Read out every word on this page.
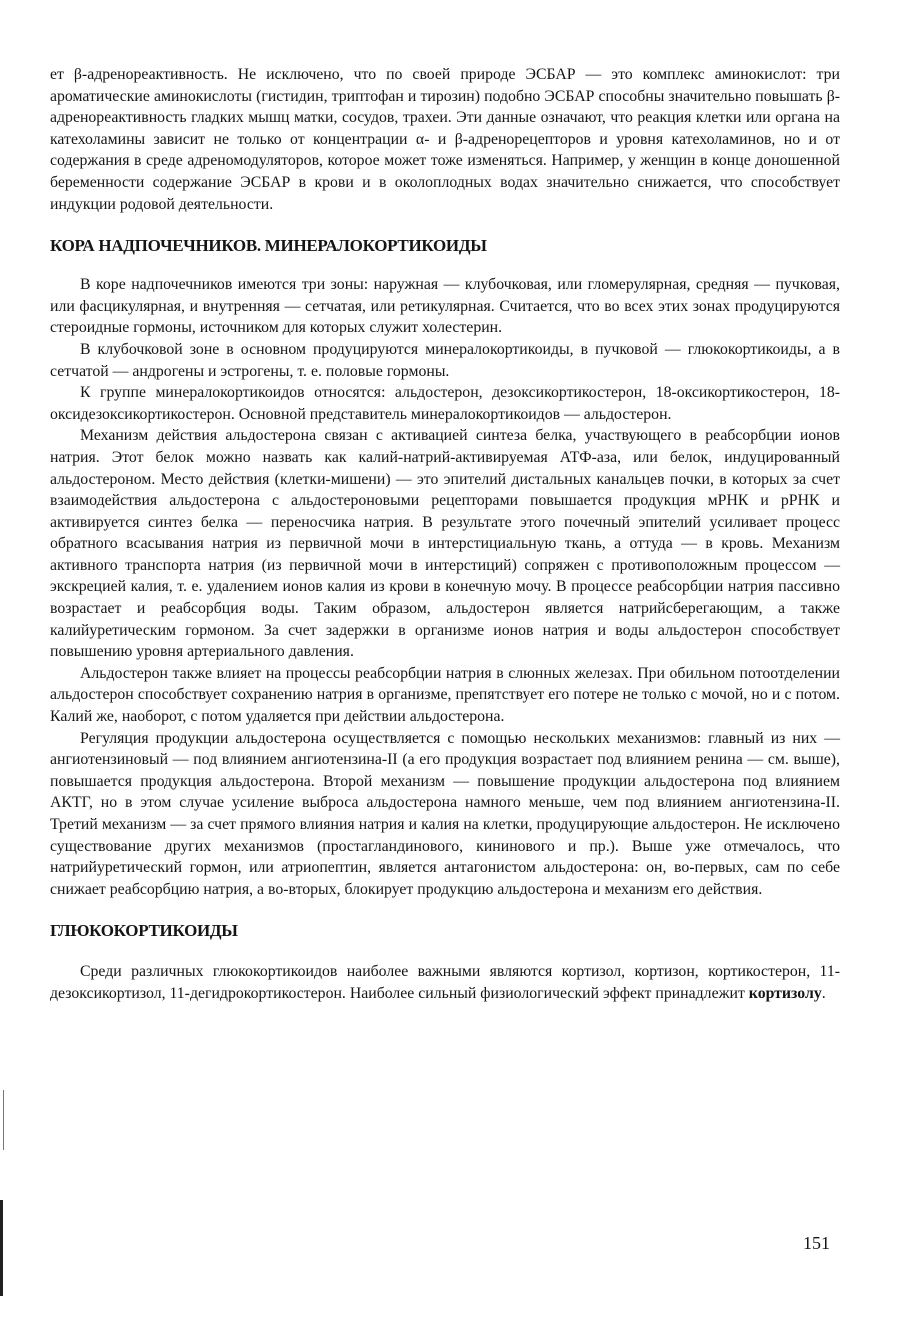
ет β-адренореактивность. Не исключено, что по своей природе ЭСБАР — это комплекс аминокислот: три ароматические аминокислоты (гистидин, триптофан и тирозин) подобно ЭСБАР способны значительно повышать β-адренореактивность гладких мышц матки, сосудов, трахеи. Эти данные означают, что реакция клетки или органа на катехоламины зависит не только от концентрации α- и β-адренорецепторов и уровня катехоламинов, но и от содержания в среде адреномодуляторов, которое может тоже изменяться. Например, у женщин в конце доношенной беременности содержание ЭСБАР в крови и в околоплодных водах значительно снижается, что способствует индукции родовой деятельности.

КОРА НАДПОЧЕЧНИКОВ. МИНЕРАЛОКОРТИКОИДЫ

В коре надпочечников имеются три зоны: наружная — клубочковая, или гломерулярная, средняя — пучковая, или фасцикулярная, и внутренняя — сетчатая, или ретикулярная. Считается, что во всех этих зонах продуцируются стероидные гормоны, источником для которых служит холестерин.

В клубочковой зоне в основном продуцируются минералокортикоиды, в пучковой — глюкокортикоиды, а в сетчатой — андрогены и эстрогены, т. е. половые гормоны.

К группе минералокортикоидов относятся: альдостерон, дезоксикортикостерон, 18-оксикортикостерон, 18-оксидезоксикортикостерон. Основной представитель минералокортикоидов — альдостерон.

Механизм действия альдостерона связан с активацией синтеза белка, участвующего в реабсорбции ионов натрия. Этот белок можно назвать как калий-натрий-активируемая АТФ-аза, или белок, индуцированный альдостероном. Место действия (клетки-мишени) — это эпителий дистальных канальцев почки, в которых за счет взаимодействия альдостерона с альдостероновыми рецепторами повышается продукция мРНК и рРНК и активируется синтез белка — переносчика натрия. В результате этого почечный эпителий усиливает процесс обратного всасывания натрия из первичной мочи в интерстициальную ткань, а оттуда — в кровь. Механизм активного транспорта натрия (из первичной мочи в интерстиций) сопряжен с противоположным процессом — экскрецией калия, т. е. удалением ионов калия из крови в конечную мочу. В процессе реабсорбции натрия пассивно возрастает и реабсорбция воды. Таким образом, альдостерон является натрийсберегающим, а также калийуретическим гормоном. За счет задержки в организме ионов натрия и воды альдостерон способствует повышению уровня артериального давления.

Альдостерон также влияет на процессы реабсорбции натрия в слюнных железах. При обильном потоотделении альдостерон способствует сохранению натрия в организме, препятствует его потере не только с мочой, но и с потом. Калий же, наоборот, с потом удаляется при действии альдостерона.

Регуляция продукции альдостерона осуществляется с помощью нескольких механизмов: главный из них — ангиотензиновый — под влиянием ангиотензина-II (а его продукция возрастает под влиянием ренина — см. выше), повышается продукция альдостерона. Второй механизм — повышение продукции альдостерона под влиянием АКТГ, но в этом случае усиление выброса альдостерона намного меньше, чем под влиянием ангиотензина-II. Третий механизм — за счет прямого влияния натрия и калия на клетки, продуцирующие альдостерон. Не исключено существование других механизмов (простагландинового, кининового и пр.). Выше уже отмечалось, что натрийуретический гормон, или атриопептин, является антагонистом альдостерона: он, во-первых, сам по себе снижает реабсорбцию натрия, а во-вторых, блокирует продукцию альдостерона и механизм его действия.

ГЛЮКОКОРТИКОИДЫ

Среди различных глюкокортикоидов наиболее важными являются кортизол, кортизон, кортикостерон, 11-дезоксикортизол, 11-дегидрокортикостерон. Наиболее сильный физиологический эффект принадлежит кортизолу.

151
